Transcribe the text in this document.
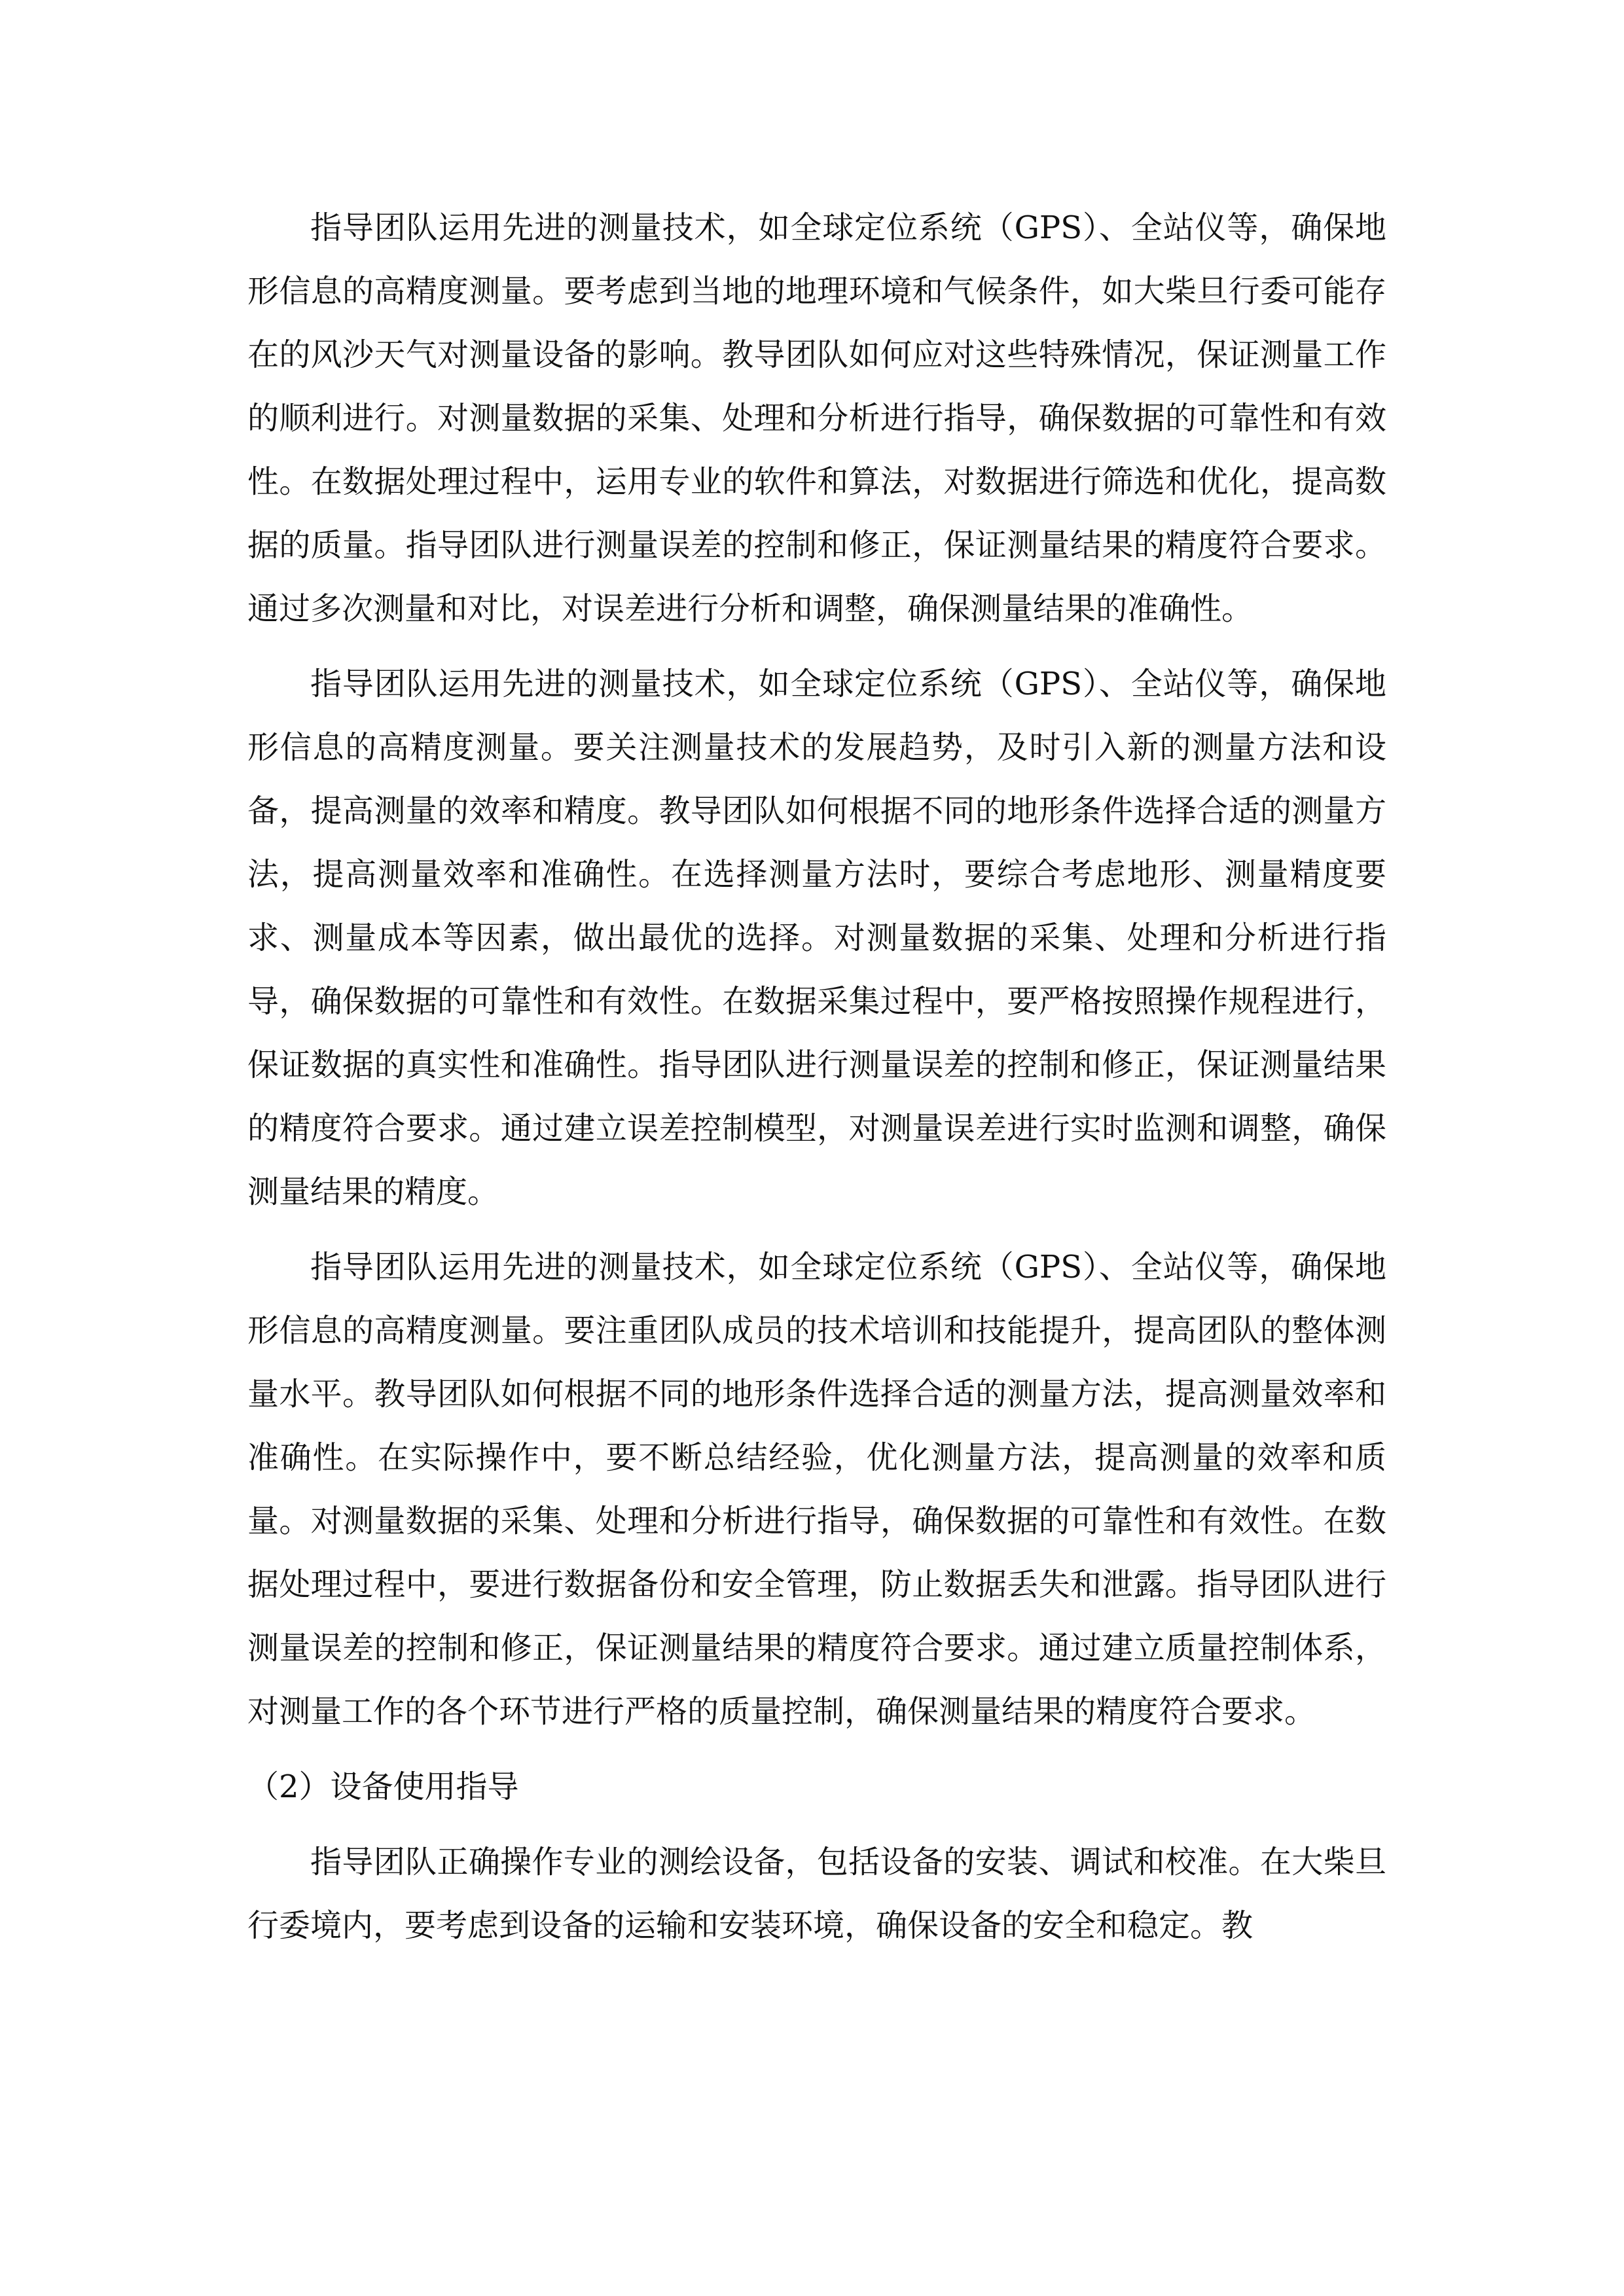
指导团队运用先进的测量技术，如全球定位系统（GPS）、全站仪等，确保地形信息的高精度测量。要考虑到当地的地理环境和气候条件，如大柴旦行委可能存在的风沙天气对测量设备的影响。教导团队如何应对这些特殊情况，保证测量工作的顺利进行。对测量数据的采集、处理和分析进行指导，确保数据的可靠性和有效性。在数据处理过程中，运用专业的软件和算法，对数据进行筛选和优化，提高数据的质量。指导团队进行测量误差的控制和修正，保证测量结果的精度符合要求。通过多次测量和对比，对误差进行分析和调整，确保测量结果的准确性。

指导团队运用先进的测量技术，如全球定位系统（GPS）、全站仪等，确保地形信息的高精度测量。要关注测量技术的发展趋势，及时引入新的测量方法和设备，提高测量的效率和精度。教导团队如何根据不同的地形条件选择合适的测量方法，提高测量效率和准确性。在选择测量方法时，要综合考虑地形、测量精度要求、测量成本等因素，做出最优的选择。对测量数据的采集、处理和分析进行指导，确保数据的可靠性和有效性。在数据采集过程中，要严格按照操作规程进行，保证数据的真实性和准确性。指导团队进行测量误差的控制和修正，保证测量结果的精度符合要求。通过建立误差控制模型，对测量误差进行实时监测和调整，确保测量结果的精度。

指导团队运用先进的测量技术，如全球定位系统（GPS）、全站仪等，确保地形信息的高精度测量。要注重团队成员的技术培训和技能提升，提高团队的整体测量水平。教导团队如何根据不同的地形条件选择合适的测量方法，提高测量效率和准确性。在实际操作中，要不断总结经验，优化测量方法，提高测量的效率和质量。对测量数据的采集、处理和分析进行指导，确保数据的可靠性和有效性。在数据处理过程中，要进行数据备份和安全管理，防止数据丢失和泄露。指导团队进行测量误差的控制和修正，保证测量结果的精度符合要求。通过建立质量控制体系，对测量工作的各个环节进行严格的质量控制，确保测量结果的精度符合要求。

（2）设备使用指导

指导团队正确操作专业的测绘设备，包括设备的安装、调试和校准。在大柴旦行委境内，要考虑到设备的运输和安装环境，确保设备的安全和稳定。教
